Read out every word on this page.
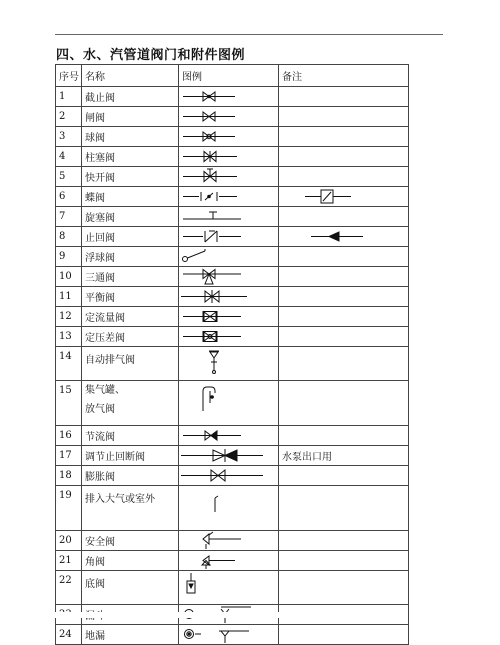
四、水、汽管道阀门和附件图例
序号	名称	图例	备注
1	截止阀	

2	闸阀	

3	球阀	

4	柱塞阀	

5	快开阀	

6	蝶阀	

7	旋塞阀	

8	止回阀	

9	浮球阀	

10	三通阀	

11	平衡阀	

12	定流量阀	

13	定压差阀	

14	自动排气阀	

15	集气罐、
放气阀

16	节流阀	

17	调节止回断阀		水泵出口用
18	膨胀阀	

19	排入大气或室外	

20	安全阀	

21	角阀	

22	底阀	

24	地漏	
